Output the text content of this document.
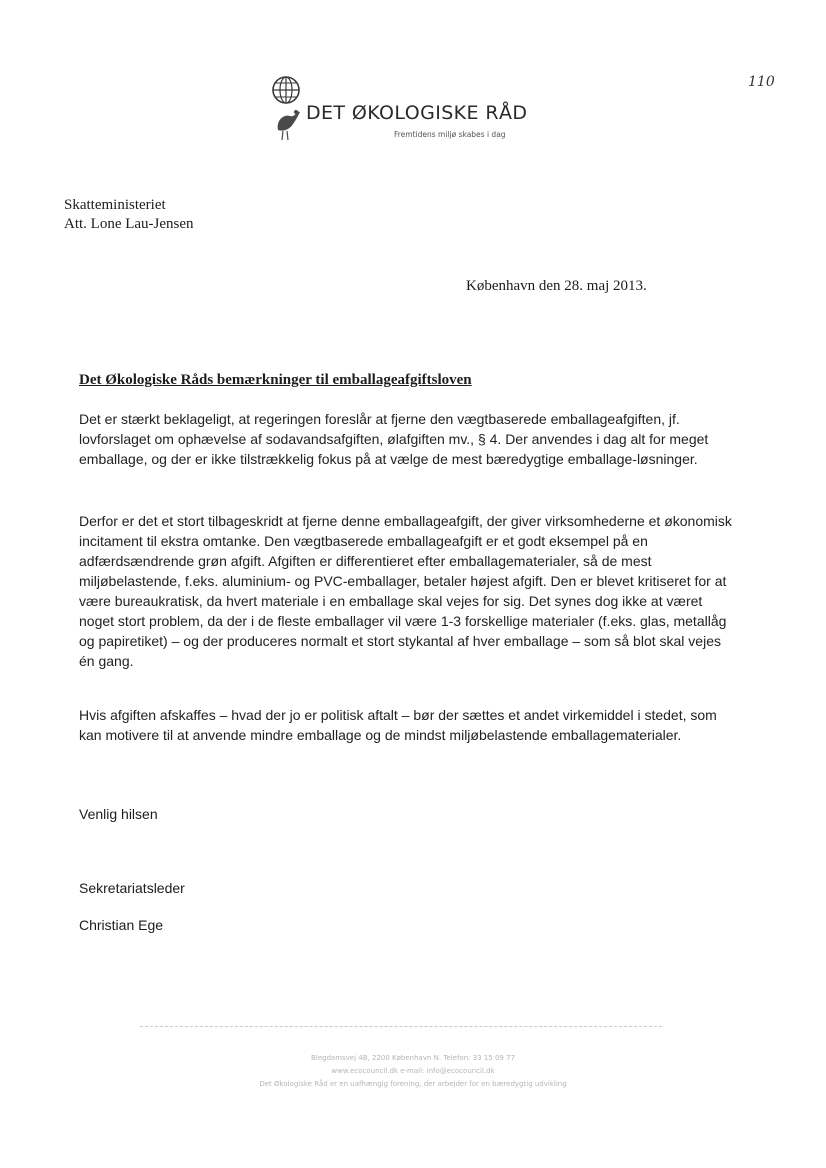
110
DET ØKOLOGISKE RÅD
Fremtidens miljø skabes i dag
Skatteministeriet
Att. Lone Lau-Jensen
København den 28. maj 2013.
Det Økologiske Råds bemærkninger til emballageafgiftsloven
Det er stærkt beklageligt, at regeringen foreslår at fjerne den vægtbaserede emballageafgiften, jf. lovforslaget om ophævelse af sodavandsafgiften, ølafgiften mv., § 4. Der anvendes i dag alt for meget emballage, og der er ikke tilstrækkelig fokus på at vælge de mest bæredygtige emballage-løsninger.
Derfor er det et stort tilbageskridt at fjerne denne emballageafgift, der giver virksomhederne et økonomisk incitament til ekstra omtanke. Den vægtbaserede emballageafgift er et godt eksempel på en adfærdsændrende grøn afgift. Afgiften er differentieret efter emballagematerialer, så de mest miljøbelastende, f.eks. aluminium- og PVC-emballager, betaler højest afgift. Den er blevet kritiseret for at være bureaukratisk, da hvert materiale i en emballage skal vejes for sig. Det synes dog ikke at været noget stort problem, da der i de fleste emballager vil være 1-3 forskellige materialer (f.eks. glas, metallåg og papiretiket) – og der produceres normalt et stort stykantal af hver emballage – som så blot skal vejes én gang.
Hvis afgiften afskaffes – hvad der jo er politisk aftalt – bør der sættes et andet virkemiddel i stedet, som kan motivere til at anvende mindre emballage og de mindst miljøbelastende emballagematerialer.
Venlig hilsen
Sekretariatsleder
Christian Ege
Blegdamsvej 4B, 2200 København N. Telefon: 33 15 09 77
www.ecocouncil.dk e-mail: info@ecocouncil.dk
Det Økologiske Råd er en uafhængig forening, der arbejder for en bæredygtig udvikling
